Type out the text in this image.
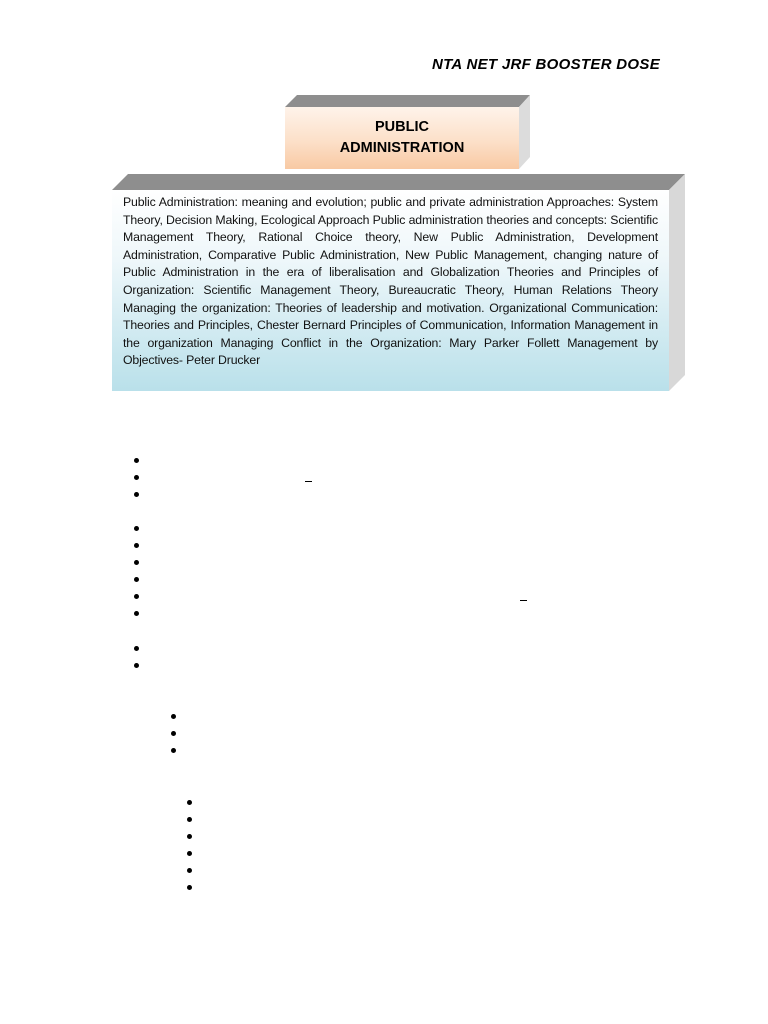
NTA NET JRF BOOSTER DOSE
PUBLIC
ADMINISTRATION
Public Administration: meaning and evolution; public and private administration Approaches: System Theory, Decision Making, Ecological Approach Public administration theories and concepts: Scientific Management Theory, Rational Choice theory, New Public Administration, Development Administration, Comparative Public Administration, New Public Management, changing nature of Public Administration in the era of liberalisation and Globalization Theories and Principles of Organization: Scientific Management Theory, Bureaucratic Theory, Human Relations Theory Managing the organization: Theories of leadership and motivation. Organizational Communication: Theories and Principles, Chester Bernard Principles of Communication, Information Management in the organization Managing Conflict in the Organization: Mary Parker Follett Management by Objectives- Peter Drucker
